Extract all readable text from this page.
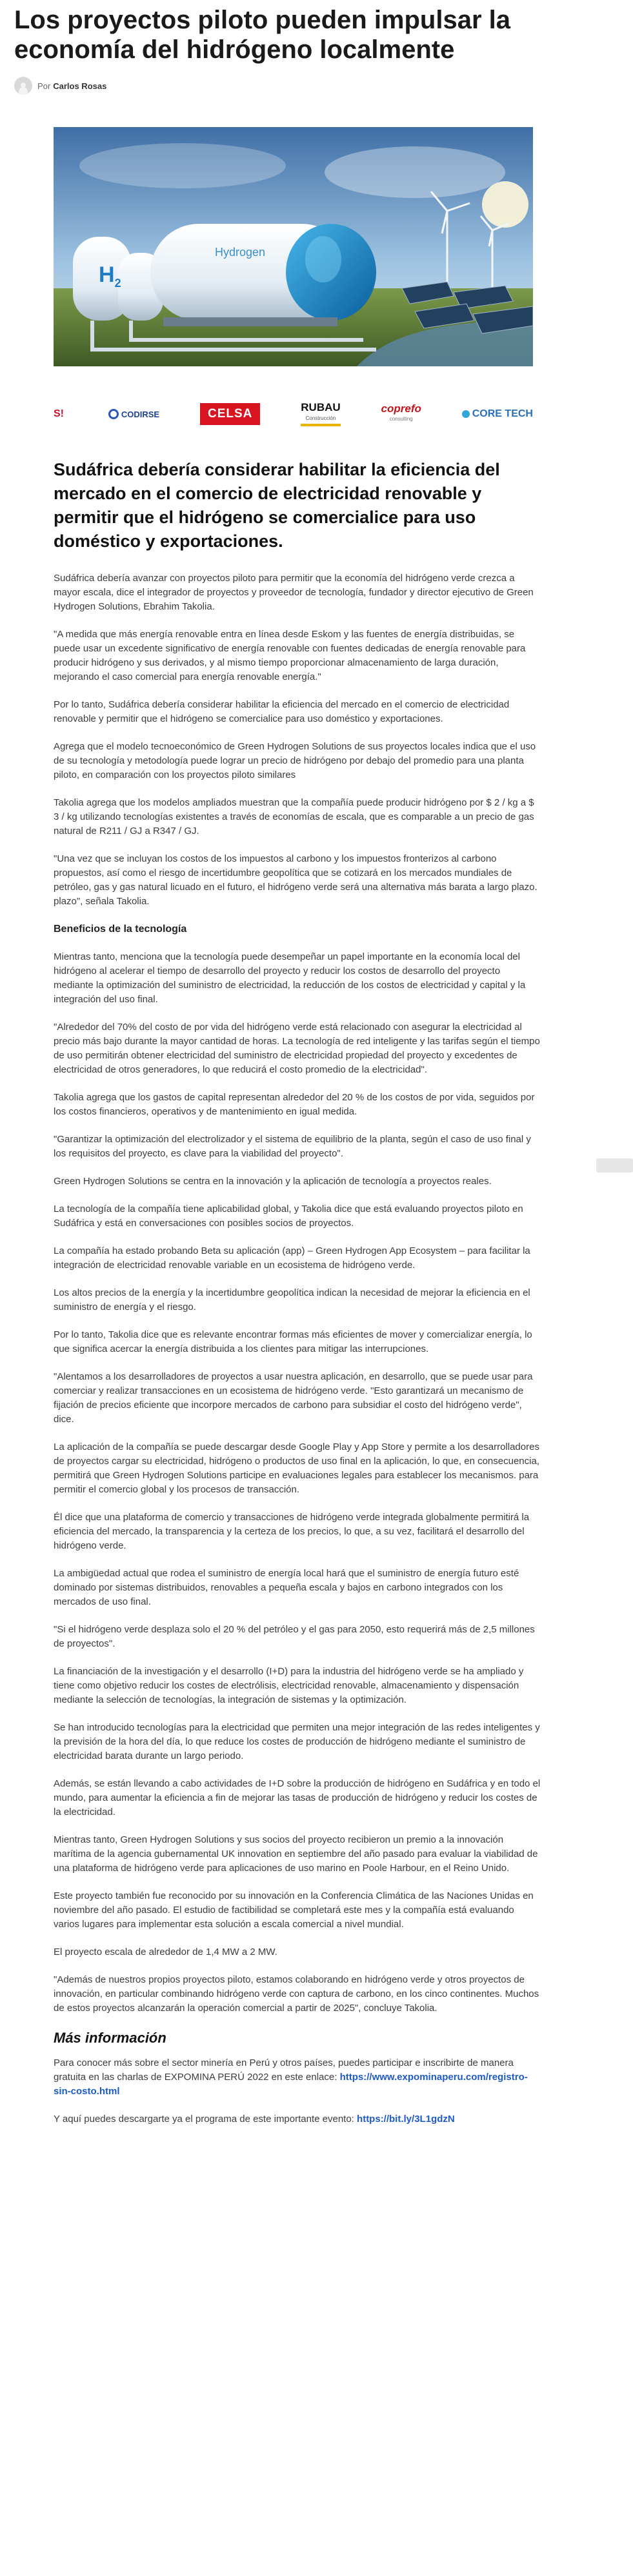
Los proyectos piloto pueden impulsar la economía del hidrógeno localmente
Por Carlos Rosas
$H_2$
Hydrogen
S!	CODIRSE	CELSA	RUBAU
Construcción
coprefo
consulting	CORE TECH
Sudáfrica debería considerar habilitar la eficiencia del mercado en el comercio de electricidad renovable y permitir que el hidrógeno se comercialice para uso doméstico y exportaciones.

Sudáfrica debería avanzar con proyectos piloto para permitir que la economía del hidrógeno verde crezca a mayor escala, dice el integrador de proyectos y proveedor de tecnología, fundador y director ejecutivo de Green Hydrogen Solutions, Ebrahim Takolia.

"A medida que más energía renovable entra en línea desde Eskom y las fuentes de energía distribuidas, se puede usar un excedente significativo de energía renovable con fuentes dedicadas de energía renovable para producir hidrógeno y sus derivados, y al mismo tiempo proporcionar almacenamiento de larga duración, mejorando el caso comercial para energía renovable energía."

Por lo tanto, Sudáfrica debería considerar habilitar la eficiencia del mercado en el comercio de electricidad renovable y permitir que el hidrógeno se comercialice para uso doméstico y exportaciones.

Agrega que el modelo tecnoeconómico de Green Hydrogen Solutions de sus proyectos locales indica que el uso de su tecnología y metodología puede lograr un precio de hidrógeno por debajo del promedio para una planta piloto, en comparación con los proyectos piloto similares

Takolia agrega que los modelos ampliados muestran que la compañía puede producir hidrógeno por $ 2 / kg a $ 3 / kg utilizando tecnologías existentes a través de economías de escala, que es comparable a un precio de gas natural de R211 / GJ a R347 / GJ.

"Una vez que se incluyan los costos de los impuestos al carbono y los impuestos fronterizos al carbono propuestos, así como el riesgo de incertidumbre geopolítica que se cotizará en los mercados mundiales de petróleo, gas y gas natural licuado en el futuro, el hidrógeno verde será una alternativa más barata a largo plazo. plazo", señala Takolia.

Beneficios de la tecnología

Mientras tanto, menciona que la tecnología puede desempeñar un papel importante en la economía local del hidrógeno al acelerar el tiempo de desarrollo del proyecto y reducir los costos de desarrollo del proyecto mediante la optimización del suministro de electricidad, la reducción de los costos de electricidad y capital y la integración del uso final.

"Alrededor del 70% del costo de por vida del hidrógeno verde está relacionado con asegurar la electricidad al precio más bajo durante la mayor cantidad de horas. La tecnología de red inteligente y las tarifas según el tiempo de uso permitirán obtener electricidad del suministro de electricidad propiedad del proyecto y excedentes de electricidad de otros generadores, lo que reducirá el costo promedio de la electricidad".

Takolia agrega que los gastos de capital representan alrededor del 20 % de los costos de por vida, seguidos por los costos financieros, operativos y de mantenimiento en igual medida.

"Garantizar la optimización del electrolizador y el sistema de equilibrio de la planta, según el caso de uso final y los requisitos del proyecto, es clave para la viabilidad del proyecto".

Green Hydrogen Solutions se centra en la innovación y la aplicación de tecnología a proyectos reales.

La tecnología de la compañía tiene aplicabilidad global, y Takolia dice que está evaluando proyectos piloto en Sudáfrica y está en conversaciones con posibles socios de proyectos.

La compañía ha estado probando Beta su aplicación (app) – Green Hydrogen App Ecosystem – para facilitar la integración de electricidad renovable variable en un ecosistema de hidrógeno verde.

Los altos precios de la energía y la incertidumbre geopolítica indican la necesidad de mejorar la eficiencia en el suministro de energía y el riesgo.

Por lo tanto, Takolia dice que es relevante encontrar formas más eficientes de mover y comercializar energía, lo que significa acercar la energía distribuida a los clientes para mitigar las interrupciones.

"Alentamos a los desarrolladores de proyectos a usar nuestra aplicación, en desarrollo, que se puede usar para comerciar y realizar transacciones en un ecosistema de hidrógeno verde. "Esto garantizará un mecanismo de fijación de precios eficiente que incorpore mercados de carbono para subsidiar el costo del hidrógeno verde", dice.

La aplicación de la compañía se puede descargar desde Google Play y App Store y permite a los desarrolladores de proyectos cargar su electricidad, hidrógeno o productos de uso final en la aplicación, lo que, en consecuencia, permitirá que Green Hydrogen Solutions participe en evaluaciones legales para establecer los mecanismos. para permitir el comercio global y los procesos de transacción.

Él dice que una plataforma de comercio y transacciones de hidrógeno verde integrada globalmente permitirá la eficiencia del mercado, la transparencia y la certeza de los precios, lo que, a su vez, facilitará el desarrollo del hidrógeno verde.

La ambigüedad actual que rodea el suministro de energía local hará que el suministro de energía futuro esté dominado por sistemas distribuidos, renovables a pequeña escala y bajos en carbono integrados con los mercados de uso final.

"Si el hidrógeno verde desplaza solo el 20 % del petróleo y el gas para 2050, esto requerirá más de 2,5 millones de proyectos".

La financiación de la investigación y el desarrollo (I+D) para la industria del hidrógeno verde se ha ampliado y tiene como objetivo reducir los costes de electrólisis, electricidad renovable, almacenamiento y dispensación mediante la selección de tecnologías, la integración de sistemas y la optimización.

Se han introducido tecnologías para la electricidad que permiten una mejor integración de las redes inteligentes y la previsión de la hora del día, lo que reduce los costes de producción de hidrógeno mediante el suministro de electricidad barata durante un largo periodo.

Además, se están llevando a cabo actividades de I+D sobre la producción de hidrógeno en Sudáfrica y en todo el mundo, para aumentar la eficiencia a fin de mejorar las tasas de producción de hidrógeno y reducir los costes de la electricidad.

Mientras tanto, Green Hydrogen Solutions y sus socios del proyecto recibieron un premio a la innovación marítima de la agencia gubernamental UK innovation en septiembre del año pasado para evaluar la viabilidad de una plataforma de hidrógeno verde para aplicaciones de uso marino en Poole Harbour, en el Reino Unido.

Este proyecto también fue reconocido por su innovación en la Conferencia Climática de las Naciones Unidas en noviembre del año pasado. El estudio de factibilidad se completará este mes y la compañía está evaluando varios lugares para implementar esta solución a escala comercial a nivel mundial.

El proyecto escala de alrededor de 1,4 MW a 2 MW.

"Además de nuestros propios proyectos piloto, estamos colaborando en hidrógeno verde y otros proyectos de innovación, en particular combinando hidrógeno verde con captura de carbono, en los cinco continentes. Muchos de estos proyectos alcanzarán la operación comercial a partir de 2025", concluye Takolia.

Más información

Para conocer más sobre el sector minería en Perú y otros países, puedes participar e inscribirte de manera gratuita en las charlas de EXPOMINA PERÚ 2022 en este enlace: https://www.expominaperu.com/registro-sin-costo.html

Y aquí puedes descargarte ya el programa de este importante evento: https://bit.ly/3L1gdzN
